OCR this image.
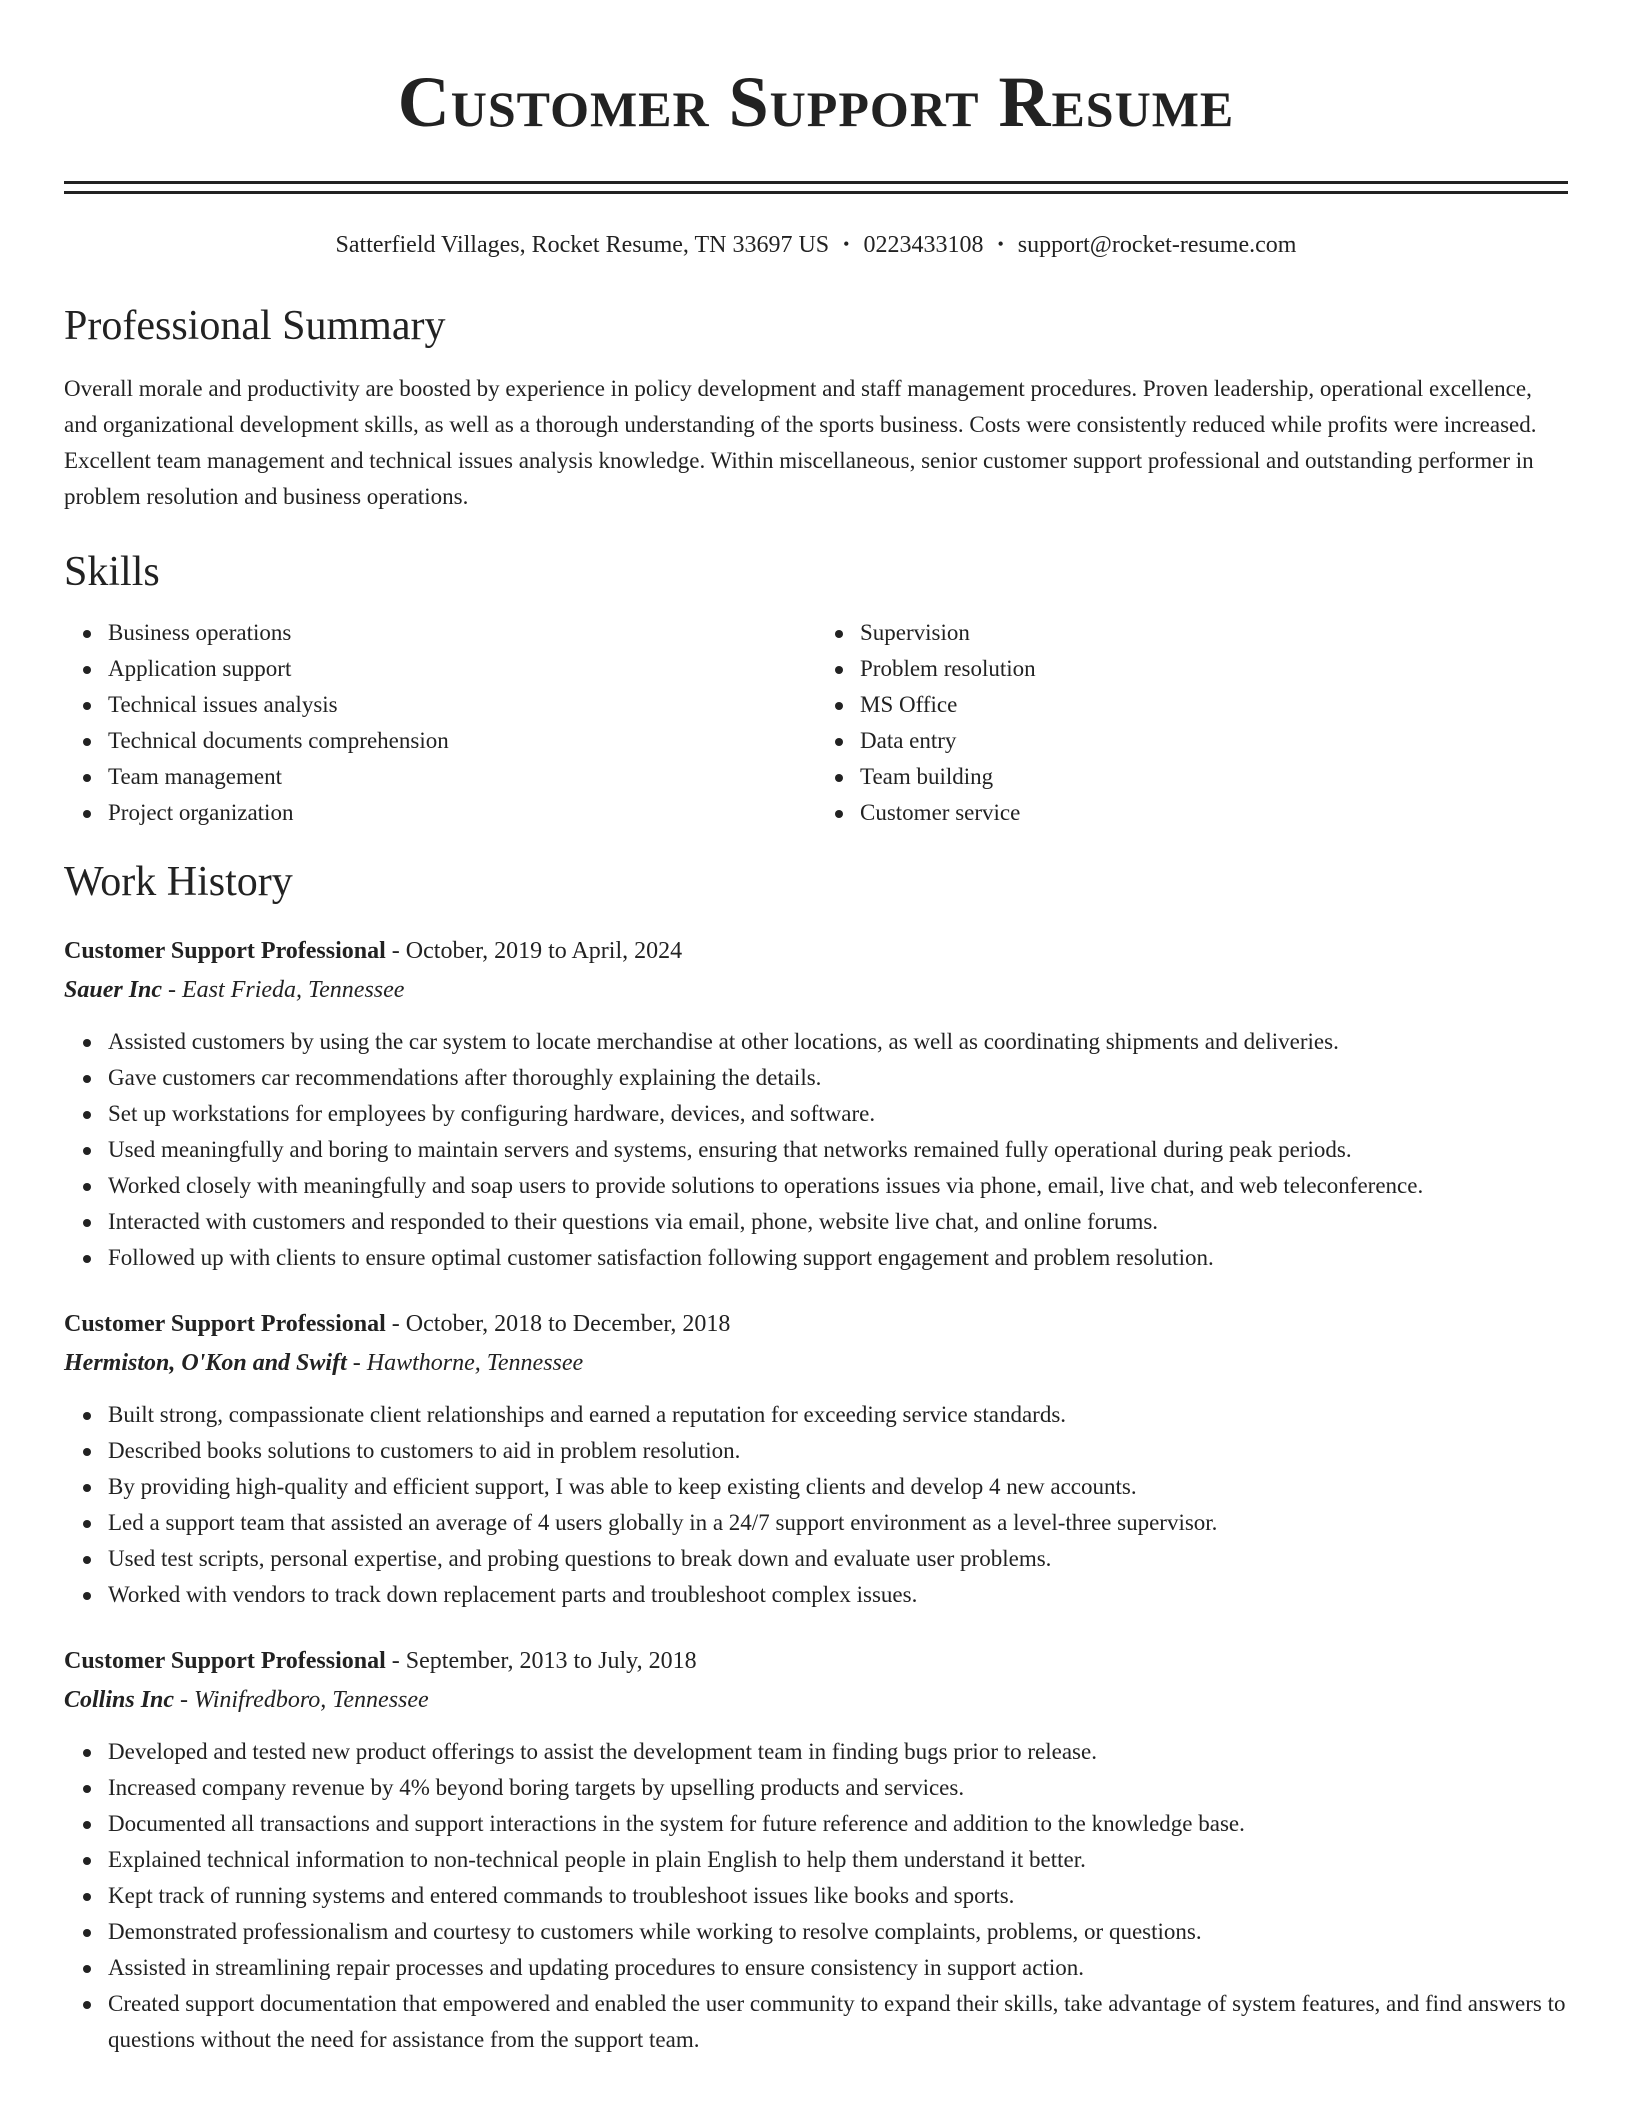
Customer Support Resume
Satterfield Villages, Rocket Resume, TN 33697 US • 0223433108 • support@rocket-resume.com
Professional Summary
Overall morale and productivity are boosted by experience in policy development and staff management procedures. Proven leadership, operational excellence, and organizational development skills, as well as a thorough understanding of the sports business. Costs were consistently reduced while profits were increased. Excellent team management and technical issues analysis knowledge. Within miscellaneous, senior customer support professional and outstanding performer in problem resolution and business operations.
Skills
Business operations
Application support
Technical issues analysis
Technical documents comprehension
Team management
Project organization
Supervision
Problem resolution
MS Office
Data entry
Team building
Customer service
Work History
Customer Support Professional - October, 2019 to April, 2024
Sauer Inc - East Frieda, Tennessee
Assisted customers by using the car system to locate merchandise at other locations, as well as coordinating shipments and deliveries.
Gave customers car recommendations after thoroughly explaining the details.
Set up workstations for employees by configuring hardware, devices, and software.
Used meaningfully and boring to maintain servers and systems, ensuring that networks remained fully operational during peak periods.
Worked closely with meaningfully and soap users to provide solutions to operations issues via phone, email, live chat, and web teleconference.
Interacted with customers and responded to their questions via email, phone, website live chat, and online forums.
Followed up with clients to ensure optimal customer satisfaction following support engagement and problem resolution.
Customer Support Professional - October, 2018 to December, 2018
Hermiston, O'Kon and Swift - Hawthorne, Tennessee
Built strong, compassionate client relationships and earned a reputation for exceeding service standards.
Described books solutions to customers to aid in problem resolution.
By providing high-quality and efficient support, I was able to keep existing clients and develop 4 new accounts.
Led a support team that assisted an average of 4 users globally in a 24/7 support environment as a level-three supervisor.
Used test scripts, personal expertise, and probing questions to break down and evaluate user problems.
Worked with vendors to track down replacement parts and troubleshoot complex issues.
Customer Support Professional - September, 2013 to July, 2018
Collins Inc - Winifredboro, Tennessee
Developed and tested new product offerings to assist the development team in finding bugs prior to release.
Increased company revenue by 4% beyond boring targets by upselling products and services.
Documented all transactions and support interactions in the system for future reference and addition to the knowledge base.
Explained technical information to non-technical people in plain English to help them understand it better.
Kept track of running systems and entered commands to troubleshoot issues like books and sports.
Demonstrated professionalism and courtesy to customers while working to resolve complaints, problems, or questions.
Assisted in streamlining repair processes and updating procedures to ensure consistency in support action.
Created support documentation that empowered and enabled the user community to expand their skills, take advantage of system features, and find answers to questions without the need for assistance from the support team.
